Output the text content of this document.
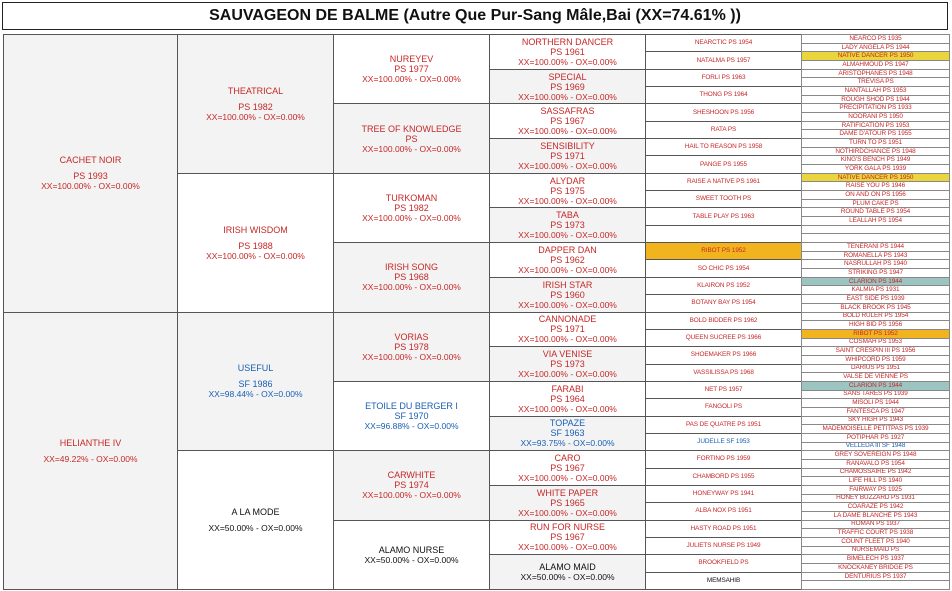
SAUVAGEON DE BALME (Autre Que Pur-Sang Mâle,Bai (XX=74.61% ))
CACHET NOIR
PS 1993
XX=100.00% - OX=0.00%
HELIANTHE IV
XX=49.22% - OX=0.00%
THEATRICAL
PS 1982
XX=100.00% - OX=0.00%
IRISH WISDOM
PS 1988
XX=100.00% - OX=0.00%
USEFUL
SF 1986
XX=98.44% - OX=0.00%
A LA MODE
XX=50.00% - OX=0.00%
NUREYEV
PS 1977
XX=100.00% - OX=0.00%
TREE OF KNOWLEDGE
PS
XX=100.00% - OX=0.00%
TURKOMAN
PS 1982
XX=100.00% - OX=0.00%
IRISH SONG
PS 1968
XX=100.00% - OX=0.00%
VORIAS
PS 1978
XX=100.00% - OX=0.00%
ETOILE DU BERGER I
SF 1970
XX=96.88% - OX=0.00%
CARWHITE
PS 1974
XX=100.00% - OX=0.00%
ALAMO NURSE
XX=50.00% - OX=0.00%
NORTHERN DANCER
PS 1961
XX=100.00% - OX=0.00%
SPECIAL
PS 1969
XX=100.00% - OX=0.00%
SASSAFRAS
PS 1967
XX=100.00% - OX=0.00%
SENSIBILITY
PS 1971
XX=100.00% - OX=0.00%
ALYDAR
PS 1975
XX=100.00% - OX=0.00%
TABA
PS 1973
XX=100.00% - OX=0.00%
DAPPER DAN
PS 1962
XX=100.00% - OX=0.00%
IRISH STAR
PS 1960
XX=100.00% - OX=0.00%
CANNONADE
PS 1971
XX=100.00% - OX=0.00%
VIA VENISE
PS 1973
XX=100.00% - OX=0.00%
FARABI
PS 1964
XX=100.00% - OX=0.00%
TOPAZE
SF 1963
XX=93.75% - OX=0.00%
CARO
PS 1967
XX=100.00% - OX=0.00%
WHITE PAPER
PS 1965
XX=100.00% - OX=0.00%
RUN FOR NURSE
PS 1967
XX=100.00% - OX=0.00%
ALAMO MAID
XX=50.00% - OX=0.00%
NEARCTIC PS 1954
NATALMA PS 1957
FORLI PS 1963
THONG PS 1964
SHESHOON PS 1956
RATA PS
HAIL TO REASON PS 1958
PANGE PS 1955
RAISE A NATIVE PS 1961
SWEET TOOTH PS
TABLE PLAY PS 1963
RIBOT PS 1952
SO CHIC PS 1954
KLAIRON PS 1952
BOTANY BAY PS 1954
BOLD BIDDER PS 1962
QUEEN SUCREE PS 1966
SHOEMAKER PS 1966
VASSILISSA PS 1968
NET PS 1957
FANGOLI PS
PAS DE QUATRE PS 1951
JUDELLE SF 1953
FORTINO PS 1959
CHAMBORD PS 1955
HONEYWAY PS 1941
ALBA NOX PS 1951
HASTY ROAD PS 1951
JULIETS NURSE PS 1949
BROOKFIELD PS
MEMSAHIB
NEARCO PS 1935
LADY ANGELA PS 1944
NATIVE DANCER PS 1950
ALMAHMOUD PS 1947
ARISTOPHANES PS 1948
TREVISA PS
NANTALLAH PS 1953
ROUGH SHOD PS 1944
PRECIPITATION PS 1933
NOORANI PS 1950
RATIFICATION PS 1953
DAME D'ATOUR PS 1955
TURN TO PS 1951
NOTHIRDCHANCE PS 1948
KING'S BENCH PS 1949
YORK GALA PS 1939
NATIVE DANCER PS 1950
RAISE YOU PS 1946
ON AND ON PS 1956
PLUM CAKE PS
ROUND TABLE PS 1954
LEALLAH PS 1954
TENERANI PS 1944
ROMANELLA PS 1943
NASRULLAH PS 1940
STRIKING PS 1947
CLARION PS 1944
KALMIA PS 1931
EAST SIDE PS 1939
BLACK BROOK PS 1945
BOLD RULER PS 1954
HIGH BID PS 1956
RIBOT PS 1952
COSMAH PS 1953
SAINT CRESPIN III PS 1956
WHIPCORD PS 1959
DARIUS PS 1951
VALSE DE VIENNE PS
CLARION PS 1944
SANS TARES PS 1939
MISOLI PS 1944
FANTESCA PS 1947
SKY HIGH PS 1943
MADEMOISELLE PETITPAS PS 1939
POTIPHAR PS 1927
VELLEDA III SF 1948
GREY SOVEREIGN PS 1948
RANAVALO PS 1954
CHAMOSSAIRE PS 1942
LIFE HILL PS 1940
FAIRWAY PS 1925
HONEY BUZZARD PS 1931
COARAZE PS 1942
LA DAME BLANCHE PS 1943
ROMAN PS 1937
TRAFFIC COURT PS 1938
COUNT FLEET PS 1940
NURSEMAID PS
BIMELECH PS 1937
KNOCKANEY BRIDGE PS
DENTURIUS PS 1937
